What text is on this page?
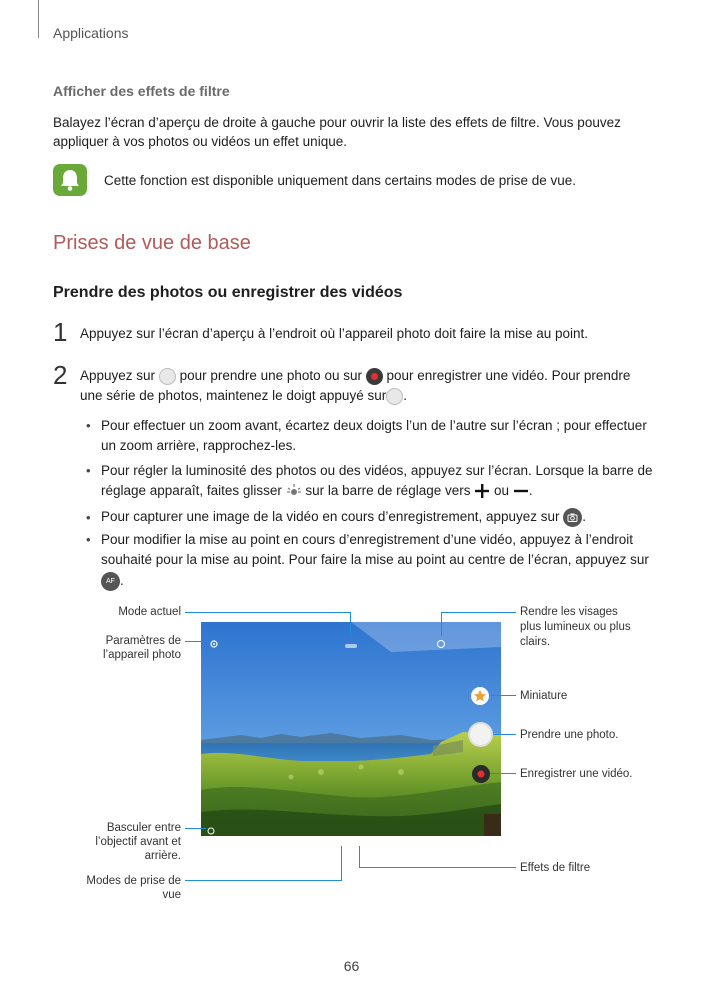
Applications
Afficher des effets de filtre
Balayez l’écran d’aperçu de droite à gauche pour ouvrir la liste des effets de filtre. Vous pouvez
appliquer à vos photos ou vidéos un effet unique.
Cette fonction est disponible uniquement dans certains modes de prise de vue.
Prises de vue de base
Prendre des photos ou enregistrer des vidéos
1 Appuyez sur l’écran d’aperçu à l’endroit où l’appareil photo doit faire la mise au point.
2 Appuyez sur pour prendre une photo ou sur pour enregistrer une vidéo. Pour prendre
une série de photos, maintenez le doigt appuyé sur .
• Pour effectuer un zoom avant, écartez deux doigts l’un de l’autre sur l’écran ; pour effectuer
un zoom arrière, rapprochez-les.
• Pour régler la luminosité des photos ou des vidéos, appuyez sur l’écran. Lorsque la barre de
réglage apparaît, faites glisser sur la barre de réglage vers ou .
• Pour capturer une image de la vidéo en cours d’enregistrement, appuyez sur .
• Pour modifier la mise au point en cours d’enregistrement d’une vidéo, appuyez à l’endroit
souhaité pour la mise au point. Pour faire la mise au point au centre de l’écran, appuyez sur
AF .
Mode actuel
Paramètres de
l’appareil photo
Basculer entre
l’objectif avant et
arrière.
Modes de prise de
vue
Rendre les visages
plus lumineux ou plus
clairs.
Miniature
Prendre une photo.
Enregistrer une vidéo.
Effets de filtre
66
